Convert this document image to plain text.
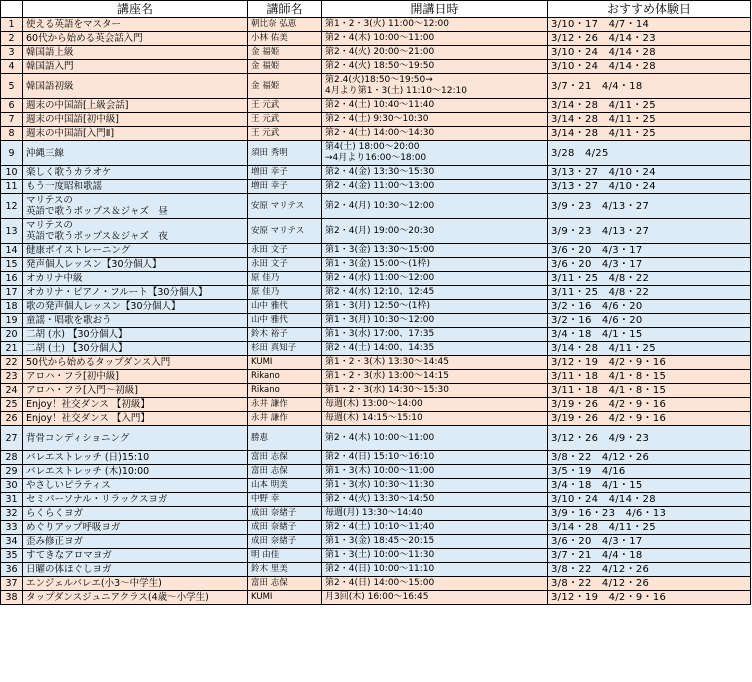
	講座名	講師名	開講日時	おすすめ体験日
1	使える英語をマスター	朝比奈 弘恵	第1・2・3(火) 11:00～12:00	3/10・17　4/7・14
2	60代から始める英会話入門	小林 佑美	第2・4(木) 10:00～11:00	3/12・26　4/14・23
3	韓国語上級	金 福姫	第2・4(火) 20:00～21:00	3/10・24　4/14・28
4	韓国語入門	金 福姫	第2・4(火) 18:50～19:50	3/10・24　4/14・28
5	韓国語初級	金 福姫	第2.4(火)18:50～19:50→
4月より第1・3(土) 11:10～12:10	3/7・21　4/4・18
6	週末の中国語[上級会話]	王 元武	第2・4(土) 10:40～11:40	3/14・28　4/11・25
7	週末の中国語[初中級]	王 元武	第2・4(土) 9:30～10:30	3/14・28　4/11・25
8	週末の中国語[入門Ⅱ]	王 元武	第2・4(土) 14:00～14:30	3/14・28　4/11・25
9	沖縄三線	須田 秀明	第4(土) 18:00～20:00
→4月より16:00～18:00	3/28　4/25
10	楽しく歌うカラオケ	増田 幸子	第2・4(金) 13:30～15:30	3/13・27　4/10・24
11	もう一度昭和歌謡	増田 幸子	第2・4(金) 11:00～13:00	3/13・27　4/10・24
12	マリテスの
英語で歌うポップス＆ジャズ　昼	安原 マリテス	第2・4(月) 10:30～12:00	3/9・23　4/13・27
13	マリテスの
英語で歌うポップス＆ジャズ　夜	安原 マリテス	第2・4(月) 19:00～20:30	3/9・23　4/13・27
14	健康ボイストレーニング	永田 文子	第1・3(金) 13:30～15:00	3/6・20　4/3・17
15	発声個人レッスン【30分個人】	永田 文子	第1・3(金) 15:00～(1枠)	3/6・20　4/3・17
16	オカリナ中級	原 佳乃	第2・4(水) 11:00～12:00	3/11・25　4/8・22
17	オカリナ・ピアノ・フルート【30分個人】	原 佳乃	第2・4(水) 12:10、12:45	3/11・25　4/8・22
18	歌の発声個人レッスン【30分個人】	山中 雅代	第1・3(月) 12:50～(1枠)	3/2・16　4/6・20
19	童謡・唱歌を歌おう	山中 雅代	第1・3(月) 10:30～12:00	3/2・16　4/6・20
20	二胡 (水) 【30分個人】	鈴木 裕子	第1・3(水) 17:00、17:35	3/4・18　4/1・15
21	二胡 (土) 【30分個人】	杉田 真知子	第2・4(土) 14:00、14:35	3/14・28　4/11・25
22	50代から始めるタップダンス入門	KUMI	第1・2・3(木) 13:30～14:45	3/12・19　4/2・9・16
23	アロハ・フラ[初中級]	Rikano	第1・2・3(水) 13:00～14:15	3/11・18　4/1・8・15
24	アロハ・フラ[入門～初級]	Rikano	第1・2・3(水) 14:30～15:30	3/11・18　4/1・8・15
25	Enjoy！社交ダンス 【初級】	永井 謙作	毎週(木) 13:00～14:00	3/19・26　4/2・9・16
26	Enjoy！社交ダンス 【入門】	永井 謙作	毎週(木) 14:15～15:10	3/19・26　4/2・9・16
27	背骨コンディショニング	勝恵	第2・4(木) 10:00～11:00	3/12・26　4/9・23
28	バレエストレッチ (日)15:10	富田 志保	第2・4(日) 15:10～16:10	3/8・22　4/12・26
29	バレエストレッチ (木)10:00	富田 志保	第1・3(木) 10:00～11:00	3/5・19　4/16
30	やさしいピラティス	山本 明美	第1・3(水) 10:30～11:30	3/4・18　4/1・15
31	セミパーソナル・リラックスヨガ	中野 幸	第2・4(火) 13:30～14:50	3/10・24　4/14・28
32	らくらくヨガ	成田 奈緒子	毎週(月) 13:30～14:40	3/9・16・23　4/6・13
33	めぐりアップ呼吸ヨガ	成田 奈緒子	第2・4(土) 10:10～11:40	3/14・28　4/11・25
34	歪み修正ヨガ	成田 奈緒子	第1・3(金) 18:45～20:15	3/6・20　4/3・17
35	すてきなアロマヨガ	明 由佳	第1・3(土) 10:00～11:30	3/7・21　4/4・18
36	日曜の体ほぐしヨガ	鈴木 里美	第2・4(日) 10:00～11:10	3/8・22　4/12・26
37	エンジェルバレエ(小3～中学生)	富田 志保	第2・4(日) 14:00～15:00	3/8・22　4/12・26
38	タップダンスジュニアクラス(4歳～小学生)	KUMI	月3回(木) 16:00～16:45	3/12・19　4/2・9・16
